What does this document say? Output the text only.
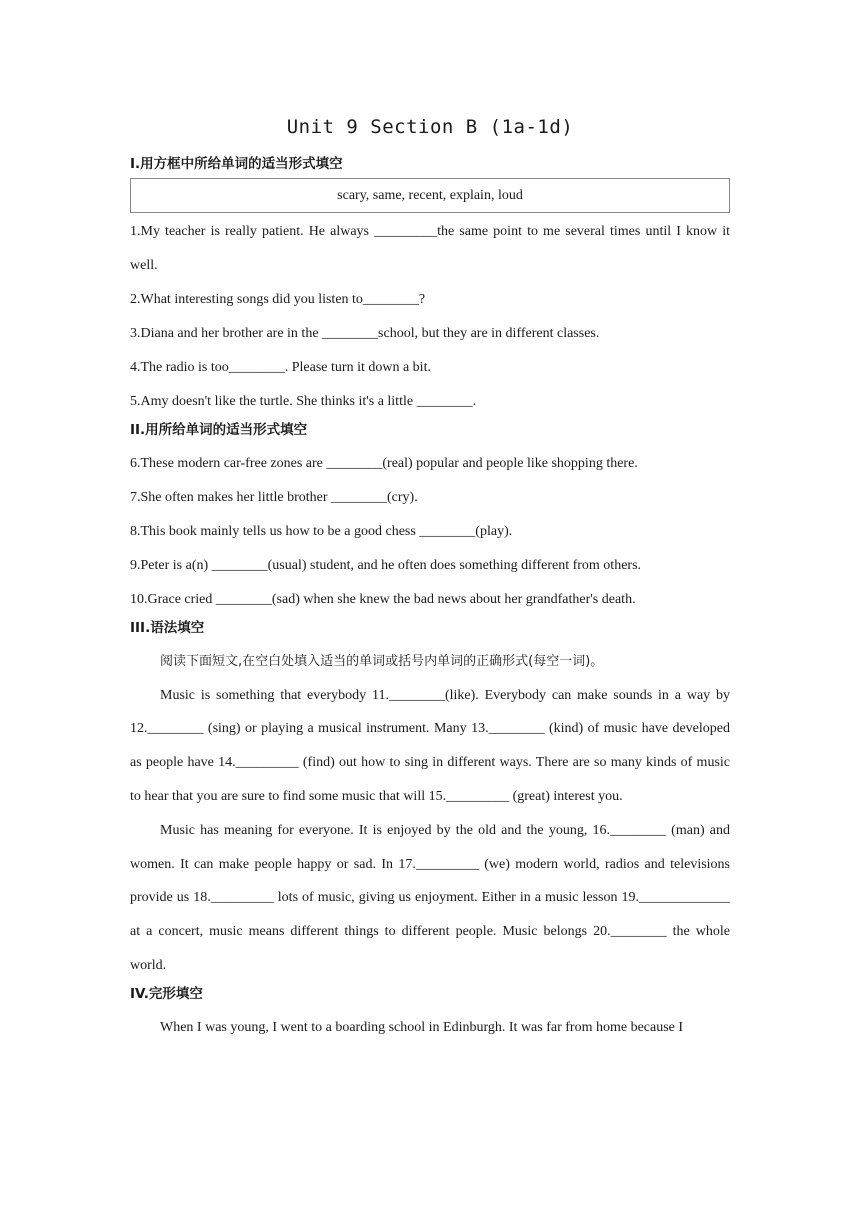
Unit 9 Section B (1a-1d)
I.用方框中所给单词的适当形式填空
scary, same, recent, explain, loud
1.My teacher is really patient. He always _________the same point to me several times until I know it well.
2.What interesting songs did you listen to________?
3.Diana and her brother are in the ________school, but they are in different classes.
4.The radio is too________. Please turn it down a bit.
5.Amy doesn't like the turtle. She thinks it's a little ________.
II.用所给单词的适当形式填空
6.These modern car-free zones are ________(real) popular and people like shopping there.
7.She often makes her little brother ________(cry).
8.This book mainly tells us how to be a good chess ________(play).
9.Peter is a(n) ________(usual) student, and he often does something different from others.
10.Grace cried ________(sad) when she knew the bad news about her grandfather's death.
III.语法填空
阅读下面短文,在空白处填入适当的单词或括号内单词的正确形式(每空一词)。
Music is something that everybody 11.________(like). Everybody can make sounds in a way by 12.________ (sing) or playing a musical instrument. Many 13.________ (kind) of music have developed as people have 14._________ (find) out how to sing in different ways. There are so many kinds of music to hear that you are sure to find some music that will 15._________ (great) interest you.
Music has meaning for everyone. It is enjoyed by the old and the young, 16.________ (man) and women. It can make people happy or sad. In 17._________ (we) modern world, radios and televisions provide us 18._________ lots of music, giving us enjoyment. Either in a music lesson 19._____________ at a concert, music means different things to different people. Music belongs 20.________ the whole world.
IV.完形填空
When I was young, I went to a boarding school in Edinburgh. It was far from home because I
